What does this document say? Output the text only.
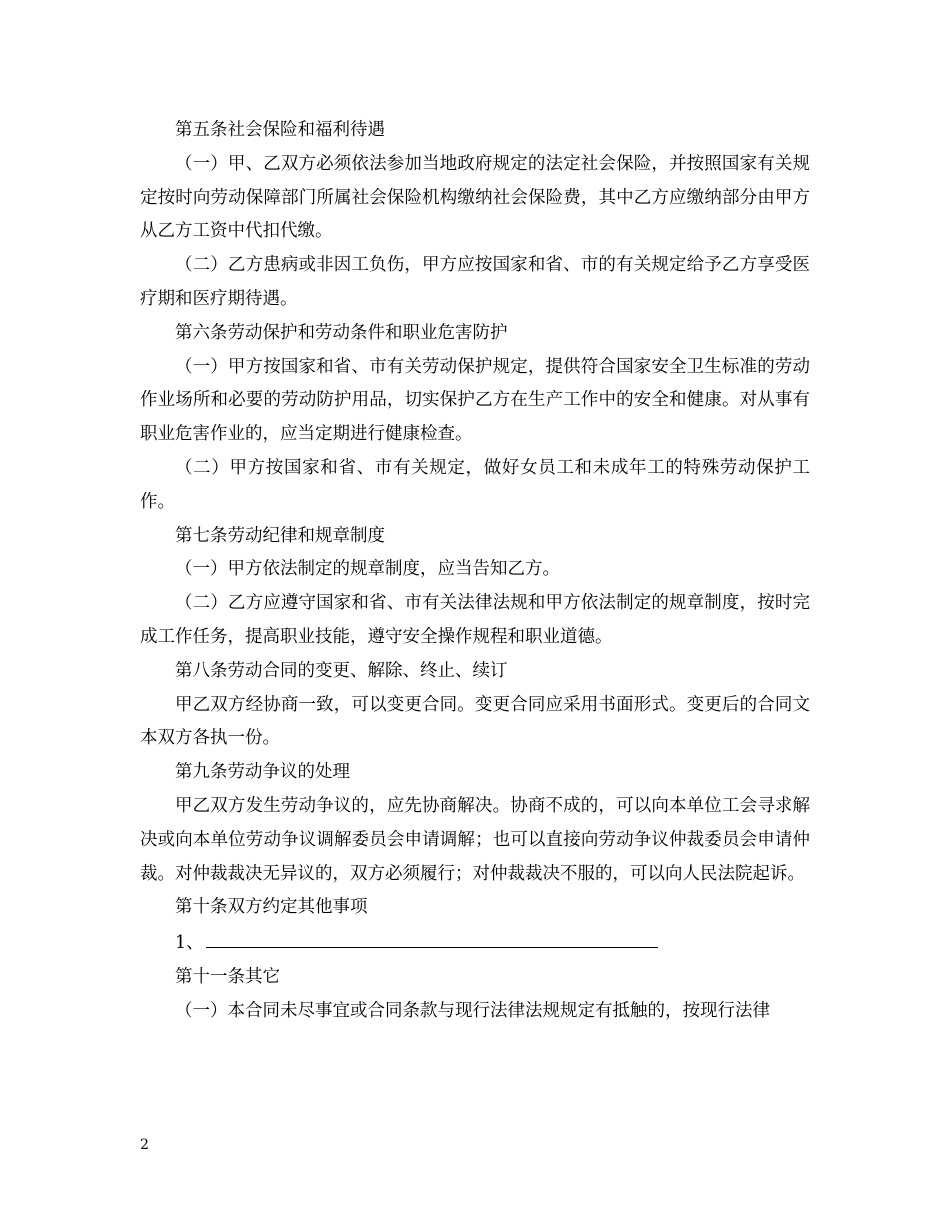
第五条社会保险和福利待遇

（一）甲、乙双方必须依法参加当地政府规定的法定社会保险，并按照国家有关规定按时向劳动保障部门所属社会保险机构缴纳社会保险费，其中乙方应缴纳部分由甲方从乙方工资中代扣代缴。

（二）乙方患病或非因工负伤，甲方应按国家和省、市的有关规定给予乙方享受医疗期和医疗期待遇。

第六条劳动保护和劳动条件和职业危害防护

（一）甲方按国家和省、市有关劳动保护规定，提供符合国家安全卫生标准的劳动作业场所和必要的劳动防护用品，切实保护乙方在生产工作中的安全和健康。对从事有职业危害作业的，应当定期进行健康检查。

（二）甲方按国家和省、市有关规定，做好女员工和未成年工的特殊劳动保护工作。

第七条劳动纪律和规章制度

（一）甲方依法制定的规章制度，应当告知乙方。

（二）乙方应遵守国家和省、市有关法律法规和甲方依法制定的规章制度，按时完成工作任务，提高职业技能，遵守安全操作规程和职业道德。

第八条劳动合同的变更、解除、终止、续订

甲乙双方经协商一致，可以变更合同。变更合同应采用书面形式。变更后的合同文本双方各执一份。

第九条劳动争议的处理

甲乙双方发生劳动争议的，应先协商解决。协商不成的，可以向本单位工会寻求解决或向本单位劳动争议调解委员会申请调解；也可以直接向劳动争议仲裁委员会申请仲裁。对仲裁裁决无异议的，双方必须履行；对仲裁裁决不服的，可以向人民法院起诉。

第十条双方约定其他事项

1、

第十一条其它

（一）本合同未尽事宜或合同条款与现行法律法规规定有抵触的，按现行法律

2
